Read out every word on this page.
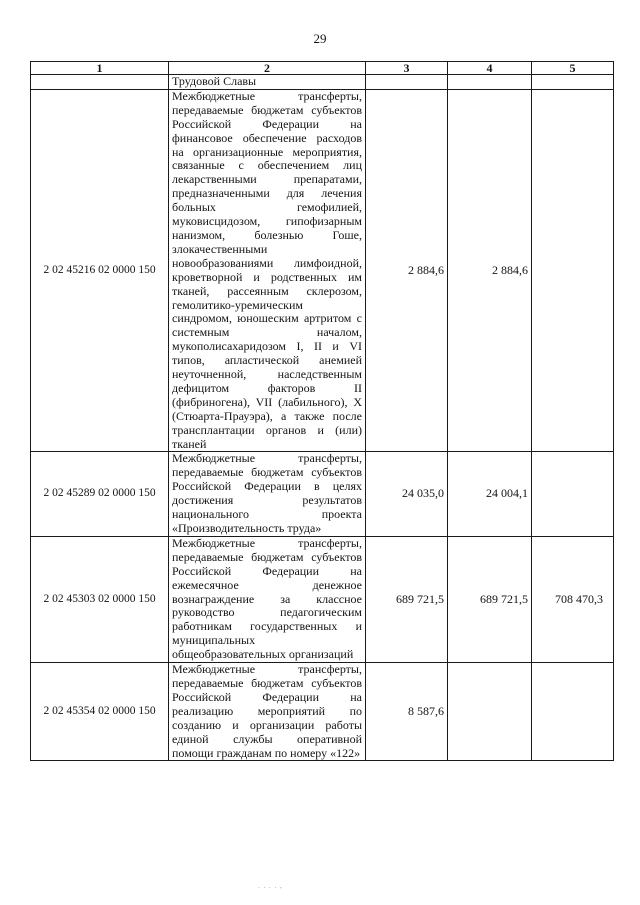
29
1	2	3	4	5
	Трудовой Славы			
2 02 45216 02 0000 150	Межбюджетные трансферты, передаваемые бюджетам субъектов Российской Федерации на финансовое обеспечение расходов на организационные мероприятия, связанные с обеспечением лиц лекарственными препаратами, предназначенными для лечения больных гемофилией, муковисцидозом, гипофизарным нанизмом, болезнью Гоше, злокачественными новообразованиями лимфоидной, кроветворной и родственных им тканей, рассеянным склерозом, гемолитико-уремическим синдромом, юношеским артритом с системным началом, мукополисахаридозом I, II и VI типов, апластической анемией неуточненной, наследственным дефицитом факторов II (фибриногена), VII (лабильного), X (Стюарта-Прауэра), а также после трансплантации органов и (или) тканей	2 884,6	2 884,6	
2 02 45289 02 0000 150	Межбюджетные трансферты, передаваемые бюджетам субъектов Российской Федерации в целях достижения результатов национального проекта «Производительность труда»	24 035,0	24 004,1	
2 02 45303 02 0000 150	Межбюджетные трансферты, передаваемые бюджетам субъектов Российской Федерации на ежемесячное денежное вознаграждение за классное руководство педагогическим работникам государственных и муниципальных общеобразовательных организаций	689 721,5	689 721,5	708 470,3
2 02 45354 02 0000 150	Межбюджетные трансферты, передаваемые бюджетам субъектов Российской Федерации на реализацию мероприятий по созданию и организации работы единой службы оперативной помощи гражданам по номеру «122»	8 587,6		
. . . . ,
